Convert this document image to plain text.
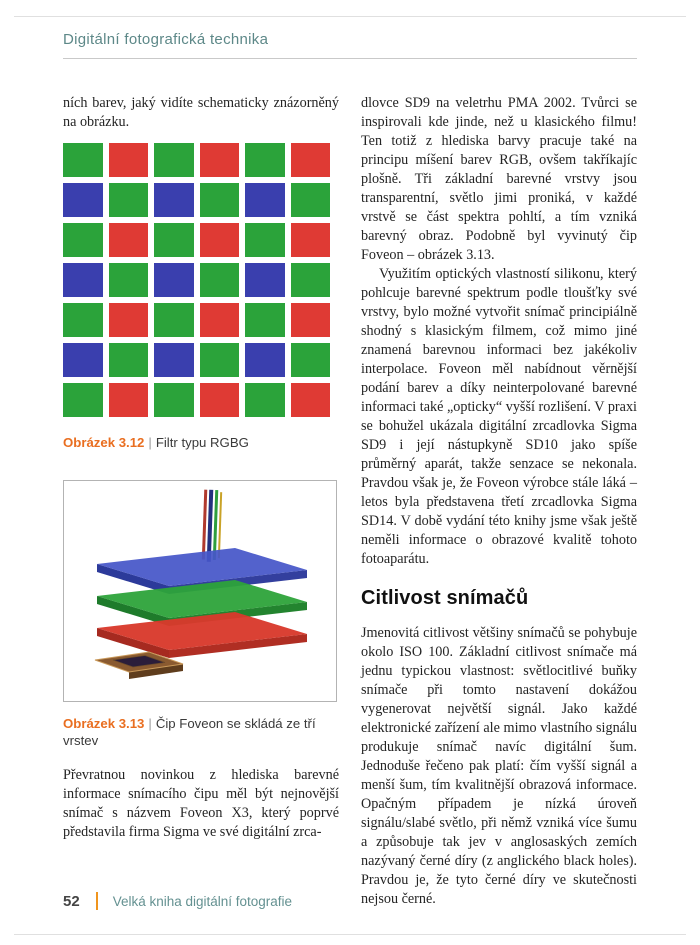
Digitální fotografická technika

ních barev, jaký vidíte schematicky znázorněný na obrázku.

Obrázek 3.12 | Filtr typu RGBG

Obrázek 3.13 | Čip Foveon se skládá ze tří vrstev

Převratnou novinkou z hlediska barevné informace snímacího čipu měl být nejnovější snímač s názvem Foveon X3, který poprvé představila firma Sigma ve své digitální zrca-

dlovce SD9 na veletrhu PMA 2002. Tvůrci se inspirovali kde jinde, než u klasického filmu! Ten totiž z hlediska barvy pracuje také na principu míšení barev RGB, ovšem takříkajíc plošně. Tři základní barevné vrstvy jsou transparentní, světlo jimi proniká, v každé vrstvě se část spektra pohltí, a tím vzniká barevný obraz. Podobně byl vyvinutý čip Foveon – obrázek 3.13.

Využitím optických vlastností silikonu, který pohlcuje barevné spektrum podle tloušťky své vrstvy, bylo možné vytvořit snímač principiálně shodný s klasickým filmem, což mimo jiné znamená barevnou informaci bez jakékoliv interpolace. Foveon měl nabídnout věrnější podání barev a díky neinterpolované barevné informaci také „opticky“ vyšší rozlišení. V praxi se bohužel ukázala digitální zrcadlovka Sigma SD9 i její nástupkyně SD10 jako spíše průměrný aparát, takže senzace se nekonala. Pravdou však je, že Foveon výrobce stále láká – letos byla představena třetí zrcadlovka Sigma SD14. V době vydání této knihy jsme však ještě neměli informace o obrazové kvalitě tohoto fotoaparátu.

Citlivost snímačů

Jmenovitá citlivost většiny snímačů se pohybuje okolo ISO 100. Základní citlivost snímače má jednu typickou vlastnost: světlocitlivé buňky snímače při tomto nastavení dokážou vygenerovat největší signál. Jako každé elektronické zařízení ale mimo vlastního signálu produkuje snímač navíc digitální šum. Jednoduše řečeno pak platí: čím vyšší signál a menší šum, tím kvalitnější obrazová informace. Opačným případem je nízká úroveň signálu/slabé světlo, při němž vzniká více šumu a způsobuje tak jev v anglosaských zemích nazývaný černé díry (z anglického black holes). Pravdou je, že tyto černé díry ve skutečnosti nejsou černé.

52 Velká kniha digitální fotografie
